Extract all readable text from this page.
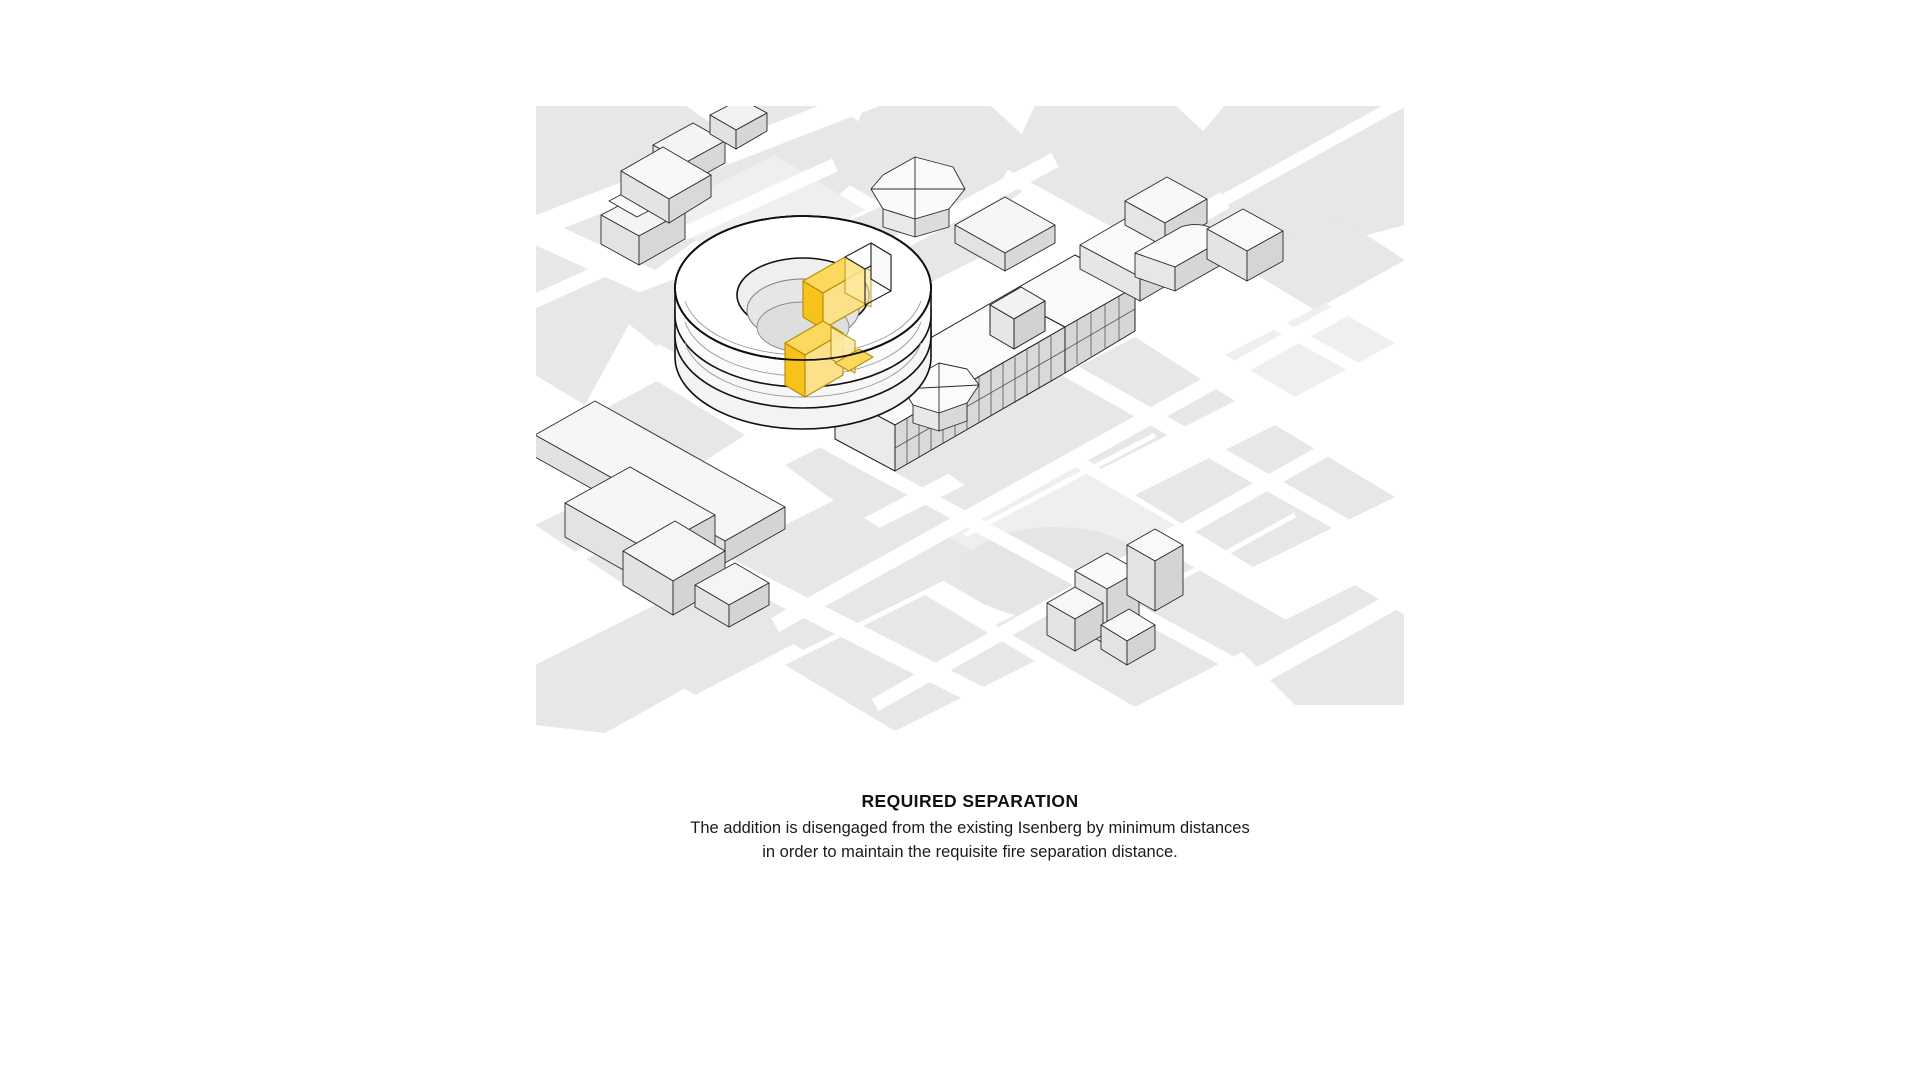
REQUIRED SEPARATION

The addition is disengaged from the existing Isenberg by minimum distances in order to maintain the requisite fire separation distance.
